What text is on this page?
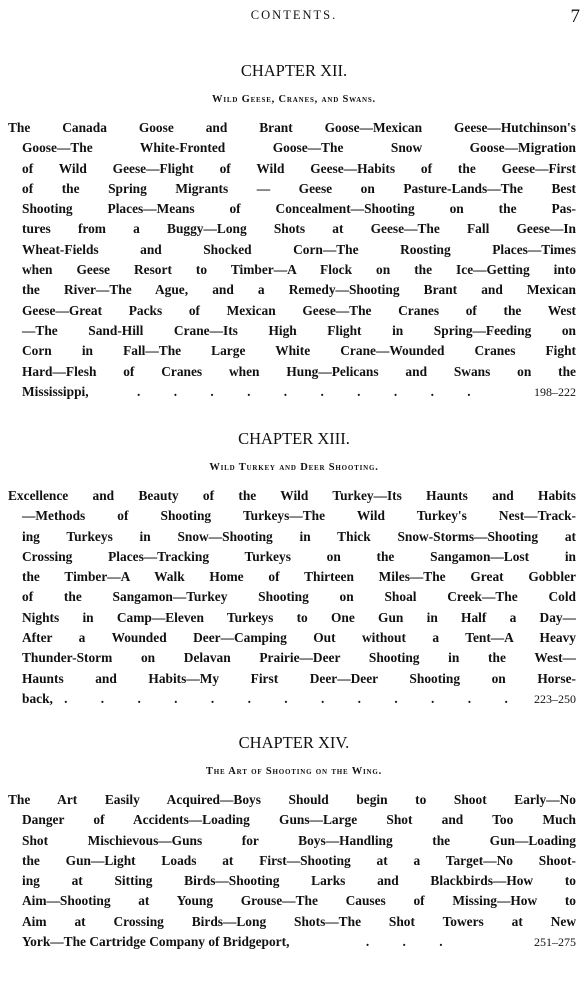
CONTENTS.	7
CHAPTER XII.
Wild Geese, Cranes, and Swans.
The Canada Goose and Brant Goose—Mexican Geese—Hutchinson's
Goose—The White-Fronted Goose—The Snow Goose—Migration
of Wild Geese—Flight of Wild Geese—Habits of the Geese—First
of the Spring Migrants — Geese on Pasture-Lands—The Best
Shooting Places—Means of Concealment—Shooting on the Pas-
tures from a Buggy—Long Shots at Geese—The Fall Geese—In
Wheat-Fields and Shocked Corn—The Roosting Places—Times
when Geese Resort to Timber—A Flock on the Ice—Getting into
the River—The Ague, and a Remedy—Shooting Brant and Mexican
Geese—Great Packs of Mexican Geese—The Cranes of the West
—The Sand-Hill Crane—Its High Flight in Spring—Feeding on
Corn in Fall—The Large White Crane—Wounded Cranes Fight
Hard—Flesh of Cranes when Hung—Pelicans and Swans on the
Mississippi,	. . . . . . . . . .	198–222
CHAPTER XIII.
Wild Turkey and Deer Shooting.
Excellence and Beauty of the Wild Turkey—Its Haunts and Habits
—Methods of Shooting Turkeys—The Wild Turkey's Nest—Track-
ing Turkeys in Snow—Shooting in Thick Snow-Storms—Shooting at
Crossing Places—Tracking Turkeys on the Sangamon—Lost in
the Timber—A Walk Home of Thirteen Miles—The Great Gobbler
of the Sangamon—Turkey Shooting on Shoal Creek—The Cold
Nights in Camp—Eleven Turkeys to One Gun in Half a Day—
After a Wounded Deer—Camping Out without a Tent—A Heavy
Thunder-Storm on Delavan Prairie—Deer Shooting in the West—
Haunts and Habits—My First Deer—Deer Shooting on Horse-
back, . . . . . . . . . . . . . 223–250
CHAPTER XIV.
The Art of Shooting on the Wing.
The Art Easily Acquired—Boys Should begin to Shoot Early—No
Danger of Accidents—Loading Guns—Large Shot and Too Much
Shot Mischievous—Guns for Boys—Handling the Gun—Loading
the Gun—Light Loads at First—Shooting at a Target—No Shoot-
ing at Sitting Birds—Shooting Larks and Blackbirds—How to
Aim—Shooting at Young Grouse—The Causes of Missing—How to
Aim at Crossing Birds—Long Shots—The Shot Towers at New
York—The Cartridge Company of Bridgeport,	. . .	251–275
